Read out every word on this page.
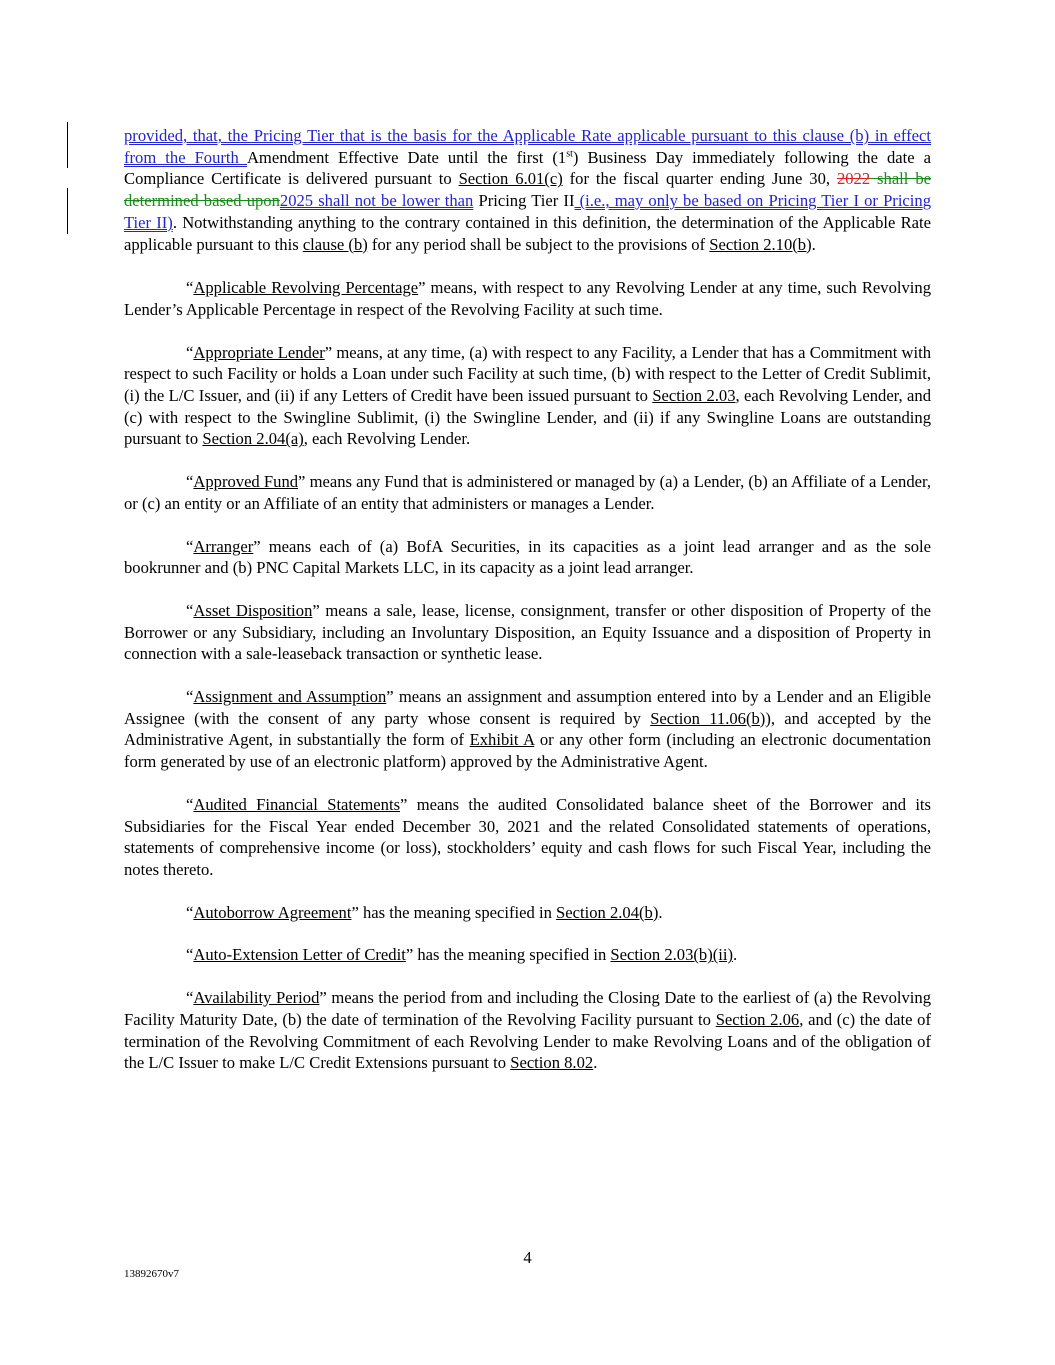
provided, that, the Pricing Tier that is the basis for the Applicable Rate applicable pursuant to this clause (b) in effect from the Fourth Amendment Effective Date until the first (1st) Business Day immediately following the date a Compliance Certificate is delivered pursuant to Section 6.01(c) for the fiscal quarter ending June 30, 2022 shall be determined based upon2025 shall not be lower than Pricing Tier II (i.e., may only be based on Pricing Tier I or Pricing Tier II). Notwithstanding anything to the contrary contained in this definition, the determination of the Applicable Rate applicable pursuant to this clause (b) for any period shall be subject to the provisions of Section 2.10(b).

“Applicable Revolving Percentage” means, with respect to any Revolving Lender at any time, such Revolving Lender’s Applicable Percentage in respect of the Revolving Facility at such time.

“Appropriate Lender” means, at any time, (a) with respect to any Facility, a Lender that has a Commitment with respect to such Facility or holds a Loan under such Facility at such time, (b) with respect to the Letter of Credit Sublimit, (i) the L/C Issuer, and (ii) if any Letters of Credit have been issued pursuant to Section 2.03, each Revolving Lender, and (c) with respect to the Swingline Sublimit, (i) the Swingline Lender, and (ii) if any Swingline Loans are outstanding pursuant to Section 2.04(a), each Revolving Lender.

“Approved Fund” means any Fund that is administered or managed by (a) a Lender, (b) an Affiliate of a Lender, or (c) an entity or an Affiliate of an entity that administers or manages a Lender.

“Arranger” means each of (a) BofA Securities, in its capacities as a joint lead arranger and as the sole bookrunner and (b) PNC Capital Markets LLC, in its capacity as a joint lead arranger.

“Asset Disposition” means a sale, lease, license, consignment, transfer or other disposition of Property of the Borrower or any Subsidiary, including an Involuntary Disposition, an Equity Issuance and a disposition of Property in connection with a sale-leaseback transaction or synthetic lease.

“Assignment and Assumption” means an assignment and assumption entered into by a Lender and an Eligible Assignee (with the consent of any party whose consent is required by Section 11.06(b)), and accepted by the Administrative Agent, in substantially the form of Exhibit A or any other form (including an electronic documentation form generated by use of an electronic platform) approved by the Administrative Agent.

“Audited Financial Statements” means the audited Consolidated balance sheet of the Borrower and its Subsidiaries for the Fiscal Year ended December 30, 2021 and the related Consolidated statements of operations, statements of comprehensive income (or loss), stockholders’ equity and cash flows for such Fiscal Year, including the notes thereto.

“Autoborrow Agreement” has the meaning specified in Section 2.04(b).

“Auto-Extension Letter of Credit” has the meaning specified in Section 2.03(b)(ii).

“Availability Period” means the period from and including the Closing Date to the earliest of (a) the Revolving Facility Maturity Date, (b) the date of termination of the Revolving Facility pursuant to Section 2.06, and (c) the date of termination of the Revolving Commitment of each Revolving Lender to make Revolving Loans and of the obligation of the L/C Issuer to make L/C Credit Extensions pursuant to Section 8.02.

4
13892670v7
